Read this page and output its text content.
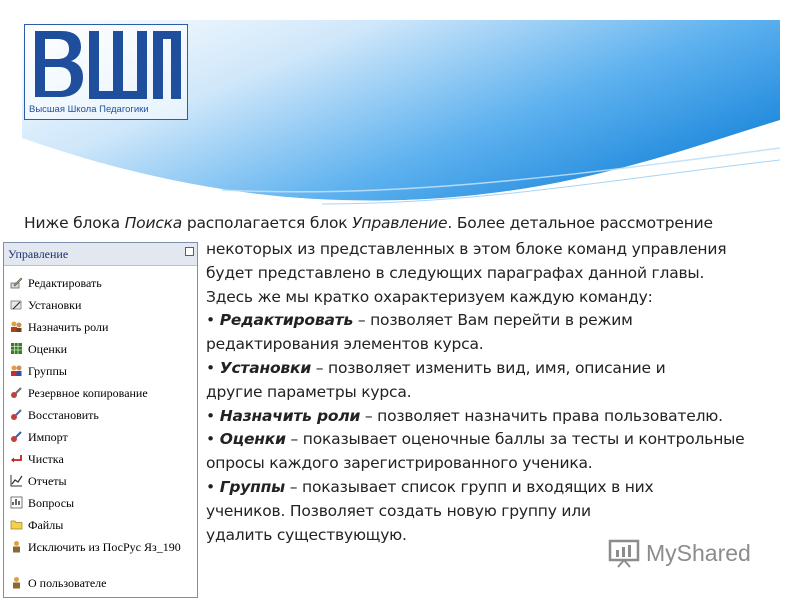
Высшая Школа Педагогики
Ниже блока Поиска располагается блок Управление. Более детальное рассмотрение
Управление
Редактировать
Установки
Назначить роли
Оценки
Группы
Резервное копирование
Восстановить
Импорт
Чистка
Отчеты
Вопросы
Файлы
Исключить из ПосРус Яз_190
О пользователе

некоторых из представленных в этом блоке команд управления

будет представлено в следующих параграфах данной главы.

Здесь же мы кратко охарактеризуем каждую команду:

• Редактировать – позволяет Вам перейти в режим

редактирования элементов курса.

• Установки – позволяет изменить вид, имя, описание и

другие параметры курса.

• Назначить роли – позволяет назначить права пользователю.

• Оценки – показывает оценочные баллы за тесты и контрольные

опросы каждого зарегистрированного ученика.

• Группы – показывает список групп и входящих в них

учеников. Позволяет создать новую группу или

удалить существующую.

MyShared
